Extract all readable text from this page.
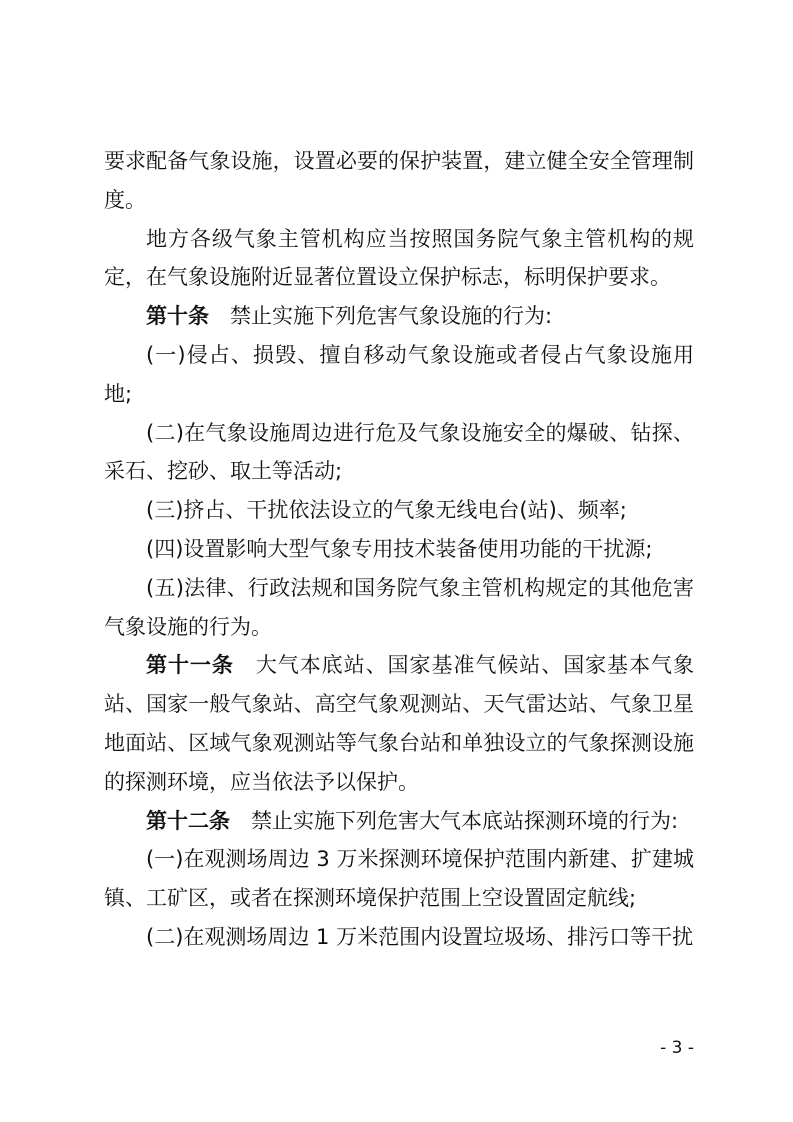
要求配备气象设施，设置必要的保护装置，建立健全安全管理制度。

地方各级气象主管机构应当按照国务院气象主管机构的规定，在气象设施附近显著位置设立保护标志，标明保护要求。

第十条　 禁止实施下列危害气象设施的行为:

(一)侵占、损毁、擅自移动气象设施或者侵占气象设施用地;

(二)在气象设施周边进行危及气象设施安全的爆破、钻探、采石、挖砂、取土等活动;

(三)挤占、干扰依法设立的气象无线电台(站)、频率;

(四)设置影响大型气象专用技术装备使用功能的干扰源;

(五)法律、行政法规和国务院气象主管机构规定的其他危害气象设施的行为。

第十一条　 大气本底站、国家基准气候站、国家基本气象站、国家一般气象站、高空气象观测站、天气雷达站、气象卫星地面站、区域气象观测站等气象台站和单独设立的气象探测设施的探测环境，应当依法予以保护。

第十二条　 禁止实施下列危害大气本底站探测环境的行为:

(一)在观测场周边 3 万米探测环境保护范围内新建、扩建城镇、工矿区，或者在探测环境保护范围上空设置固定航线;

(二)在观测场周边 1 万米范围内设置垃圾场、排污口等干扰

- 3 -
